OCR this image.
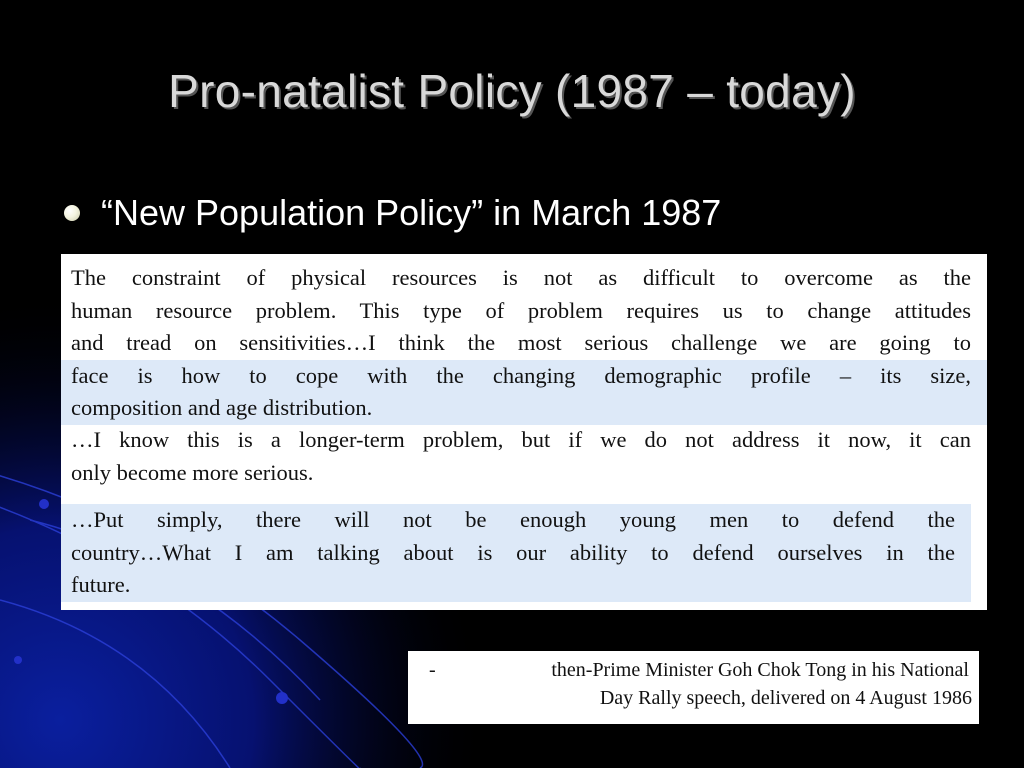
Pro-natalist Policy (1987 – today)
“New Population Policy” in March 1987
The constraint of physical resources is not as difficult to overcome as the
human resource problem. This type of problem requires us to change attitudes
and tread on sensitivities…I think the most serious challenge we are going to
face is how to cope with the changing demographic profile – its size,
composition and age distribution.
…I know this is a longer-term problem, but if we do not address it now, it can
only become more serious.
…Put simply, there will not be enough young men to defend the
country…What I am talking about is our ability to defend ourselves in the
future.
-	then-Prime Minister Goh Chok Tong in his National
Day Rally speech, delivered on 4 August 1986
